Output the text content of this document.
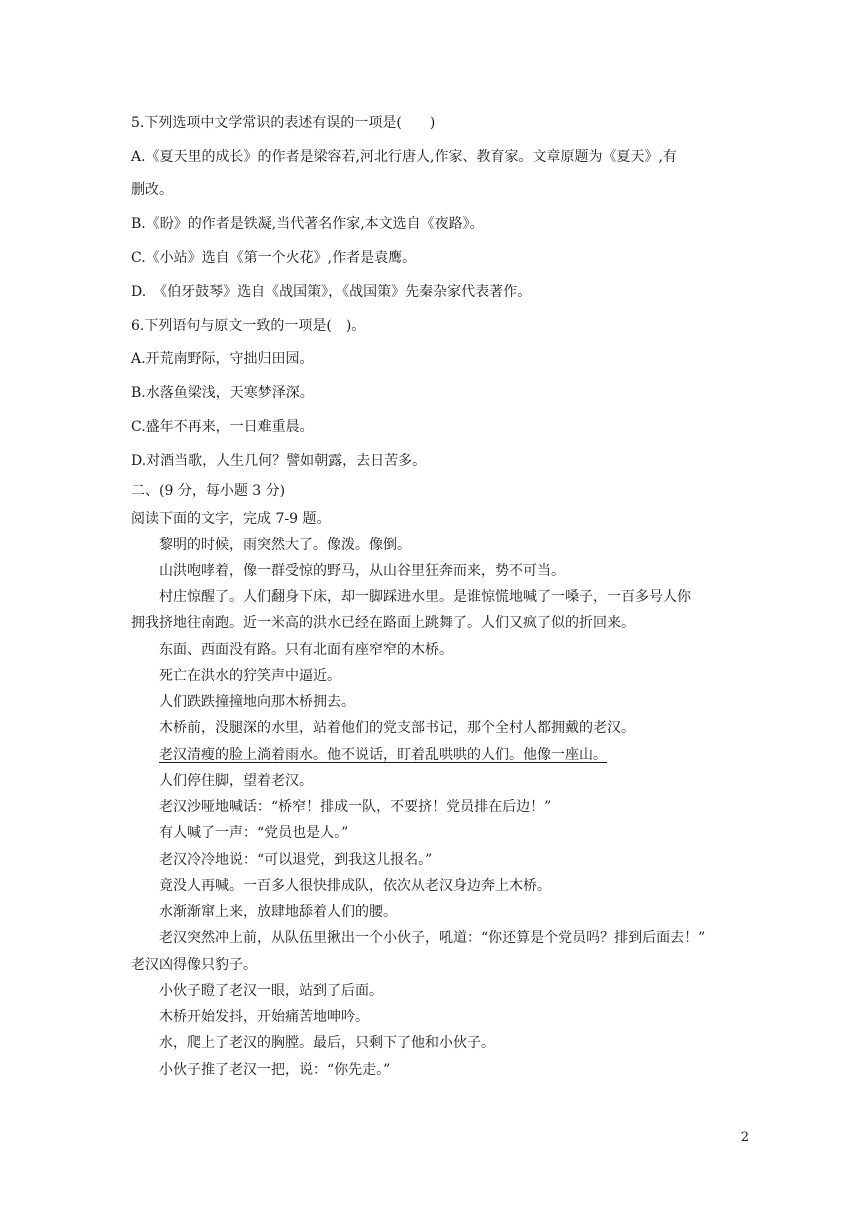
5.下列选项中文学常识的表述有误的一项是(　　)
A.《夏天里的成长》的作者是梁容若,河北行唐人,作家、教育家。文章原题为《夏天》,有
删改。
B.《盼》的作者是铁凝,当代著名作家,本文选自《夜路》。
C.《小站》选自《第一个火花》,作者是袁鹰。
D.　《伯牙鼓琴》选自《战国策》，《战国策》先秦杂家代表著作。
6.下列语句与原文一致的一项是(　)。
A.开荒南野际，守拙归田园。
B.水落鱼梁浅，天寒梦泽深。
C.盛年不再来，一日难重晨。
D.对酒当歌，人生几何？譬如朝露，去日苦多。
二、(9 分，每小题 3 分)
阅读下面的文字，完成 7-9 题。
黎明的时候，雨突然大了。像泼。像倒。
山洪咆哮着，像一群受惊的野马，从山谷里狂奔而来，势不可当。
村庄惊醒了。人们翻身下床，却一脚踩进水里。是谁惊慌地喊了一嗓子，一百多号人你
拥我挤地往南跑。近一米高的洪水已经在路面上跳舞了。人们又疯了似的折回来。
东面、西面没有路。只有北面有座窄窄的木桥。
死亡在洪水的狞笑声中逼近。
人们跌跌撞撞地向那木桥拥去。
木桥前，没腿深的水里，站着他们的党支部书记，那个全村人都拥戴的老汉。
老汉清瘦的脸上淌着雨水。他不说话，盯着乱哄哄的人们。他像一座山。
人们停住脚，望着老汉。
老汉沙哑地喊话：“桥窄！排成一队，不要挤！党员排在后边！”
有人喊了一声：“党员也是人。”
老汉冷冷地说：“可以退党，到我这儿报名。”
竟没人再喊。一百多人很快排成队，依次从老汉身边奔上木桥。
水渐渐窜上来，放肆地舔着人们的腰。
老汉突然冲上前，从队伍里揪出一个小伙子，吼道：“你还算是个党员吗？排到后面去！”
老汉凶得像只豹子。
小伙子瞪了老汉一眼，站到了后面。
木桥开始发抖，开始痛苦地呻吟。
水，爬上了老汉的胸膛。最后，只剩下了他和小伙子。
小伙子推了老汉一把，说：“你先走。”
2
